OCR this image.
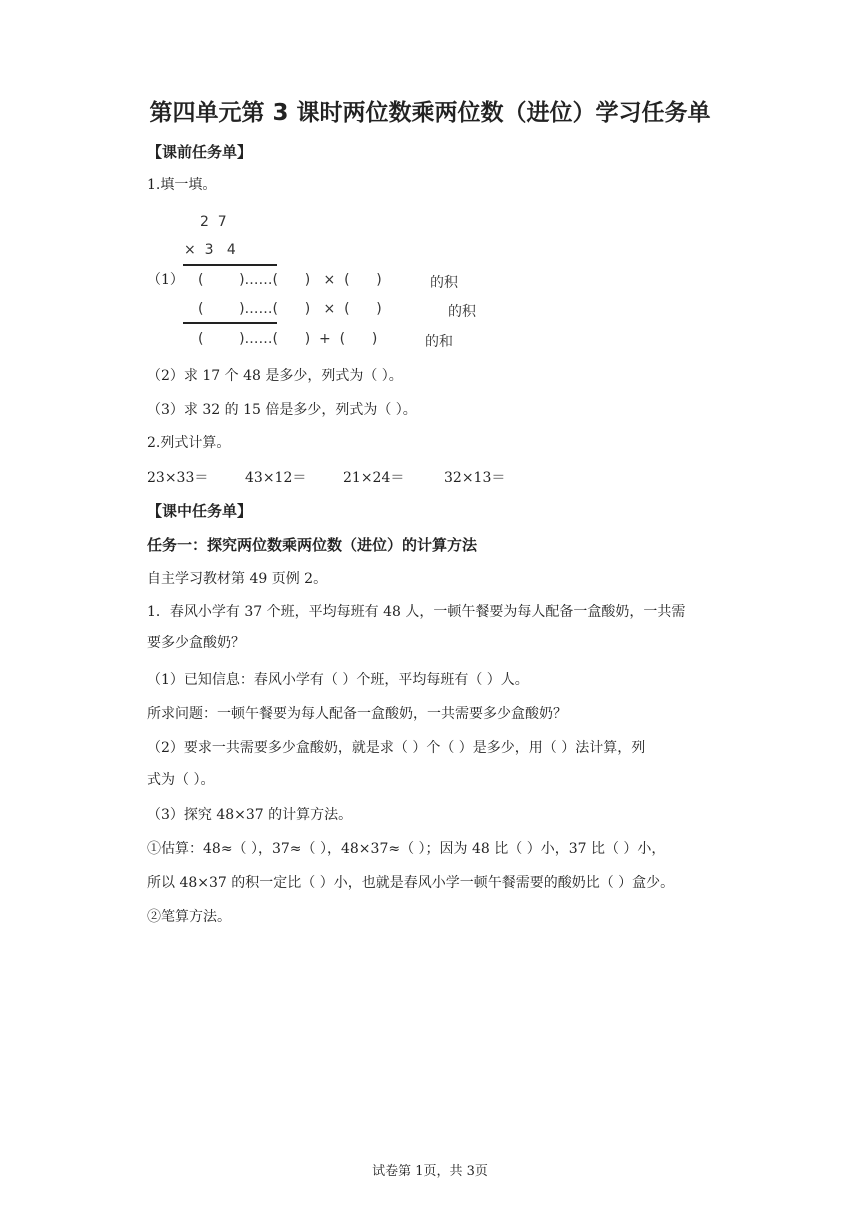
第四单元第 3 课时两位数乘两位数（进位）学习任务单
【课前任务单】
1.填一填。
（1）
2  7
×  3   4
(        )……(      )   ×  (      )	的积
(        )……(      )   ×  (      )	的积
(        )……(      )  +  (      )	的和
（2）求 17 个 48 是多少，列式为（ ）。
（3）求 32 的 15 倍是多少，列式为（ ）。
2.列式计算。
23×33＝	43×12＝	21×24＝	32×13＝
【课中任务单】
任务一：探究两位数乘两位数（进位）的计算方法
自主学习教材第 49 页例 2。
1．春风小学有 37 个班，平均每班有 48 人，一顿午餐要为每人配备一盒酸奶，一共需
要多少盒酸奶？
（1）已知信息：春风小学有（ ）个班，平均每班有（ ）人。
所求问题：一顿午餐要为每人配备一盒酸奶，一共需要多少盒酸奶？
（2）要求一共需要多少盒酸奶，就是求（ ）个（ ）是多少，用（ ）法计算，列
式为（ ）。
（3）探究 48×37 的计算方法。
①估算：48≈（ ），37≈（ ），48×37≈（ ）；因为 48 比（ ）小，37 比（ ）小，
所以 48×37 的积一定比（ ）小，也就是春风小学一顿午餐需要的酸奶比（ ）盒少。
②笔算方法。
试卷第 1页，共 3页
